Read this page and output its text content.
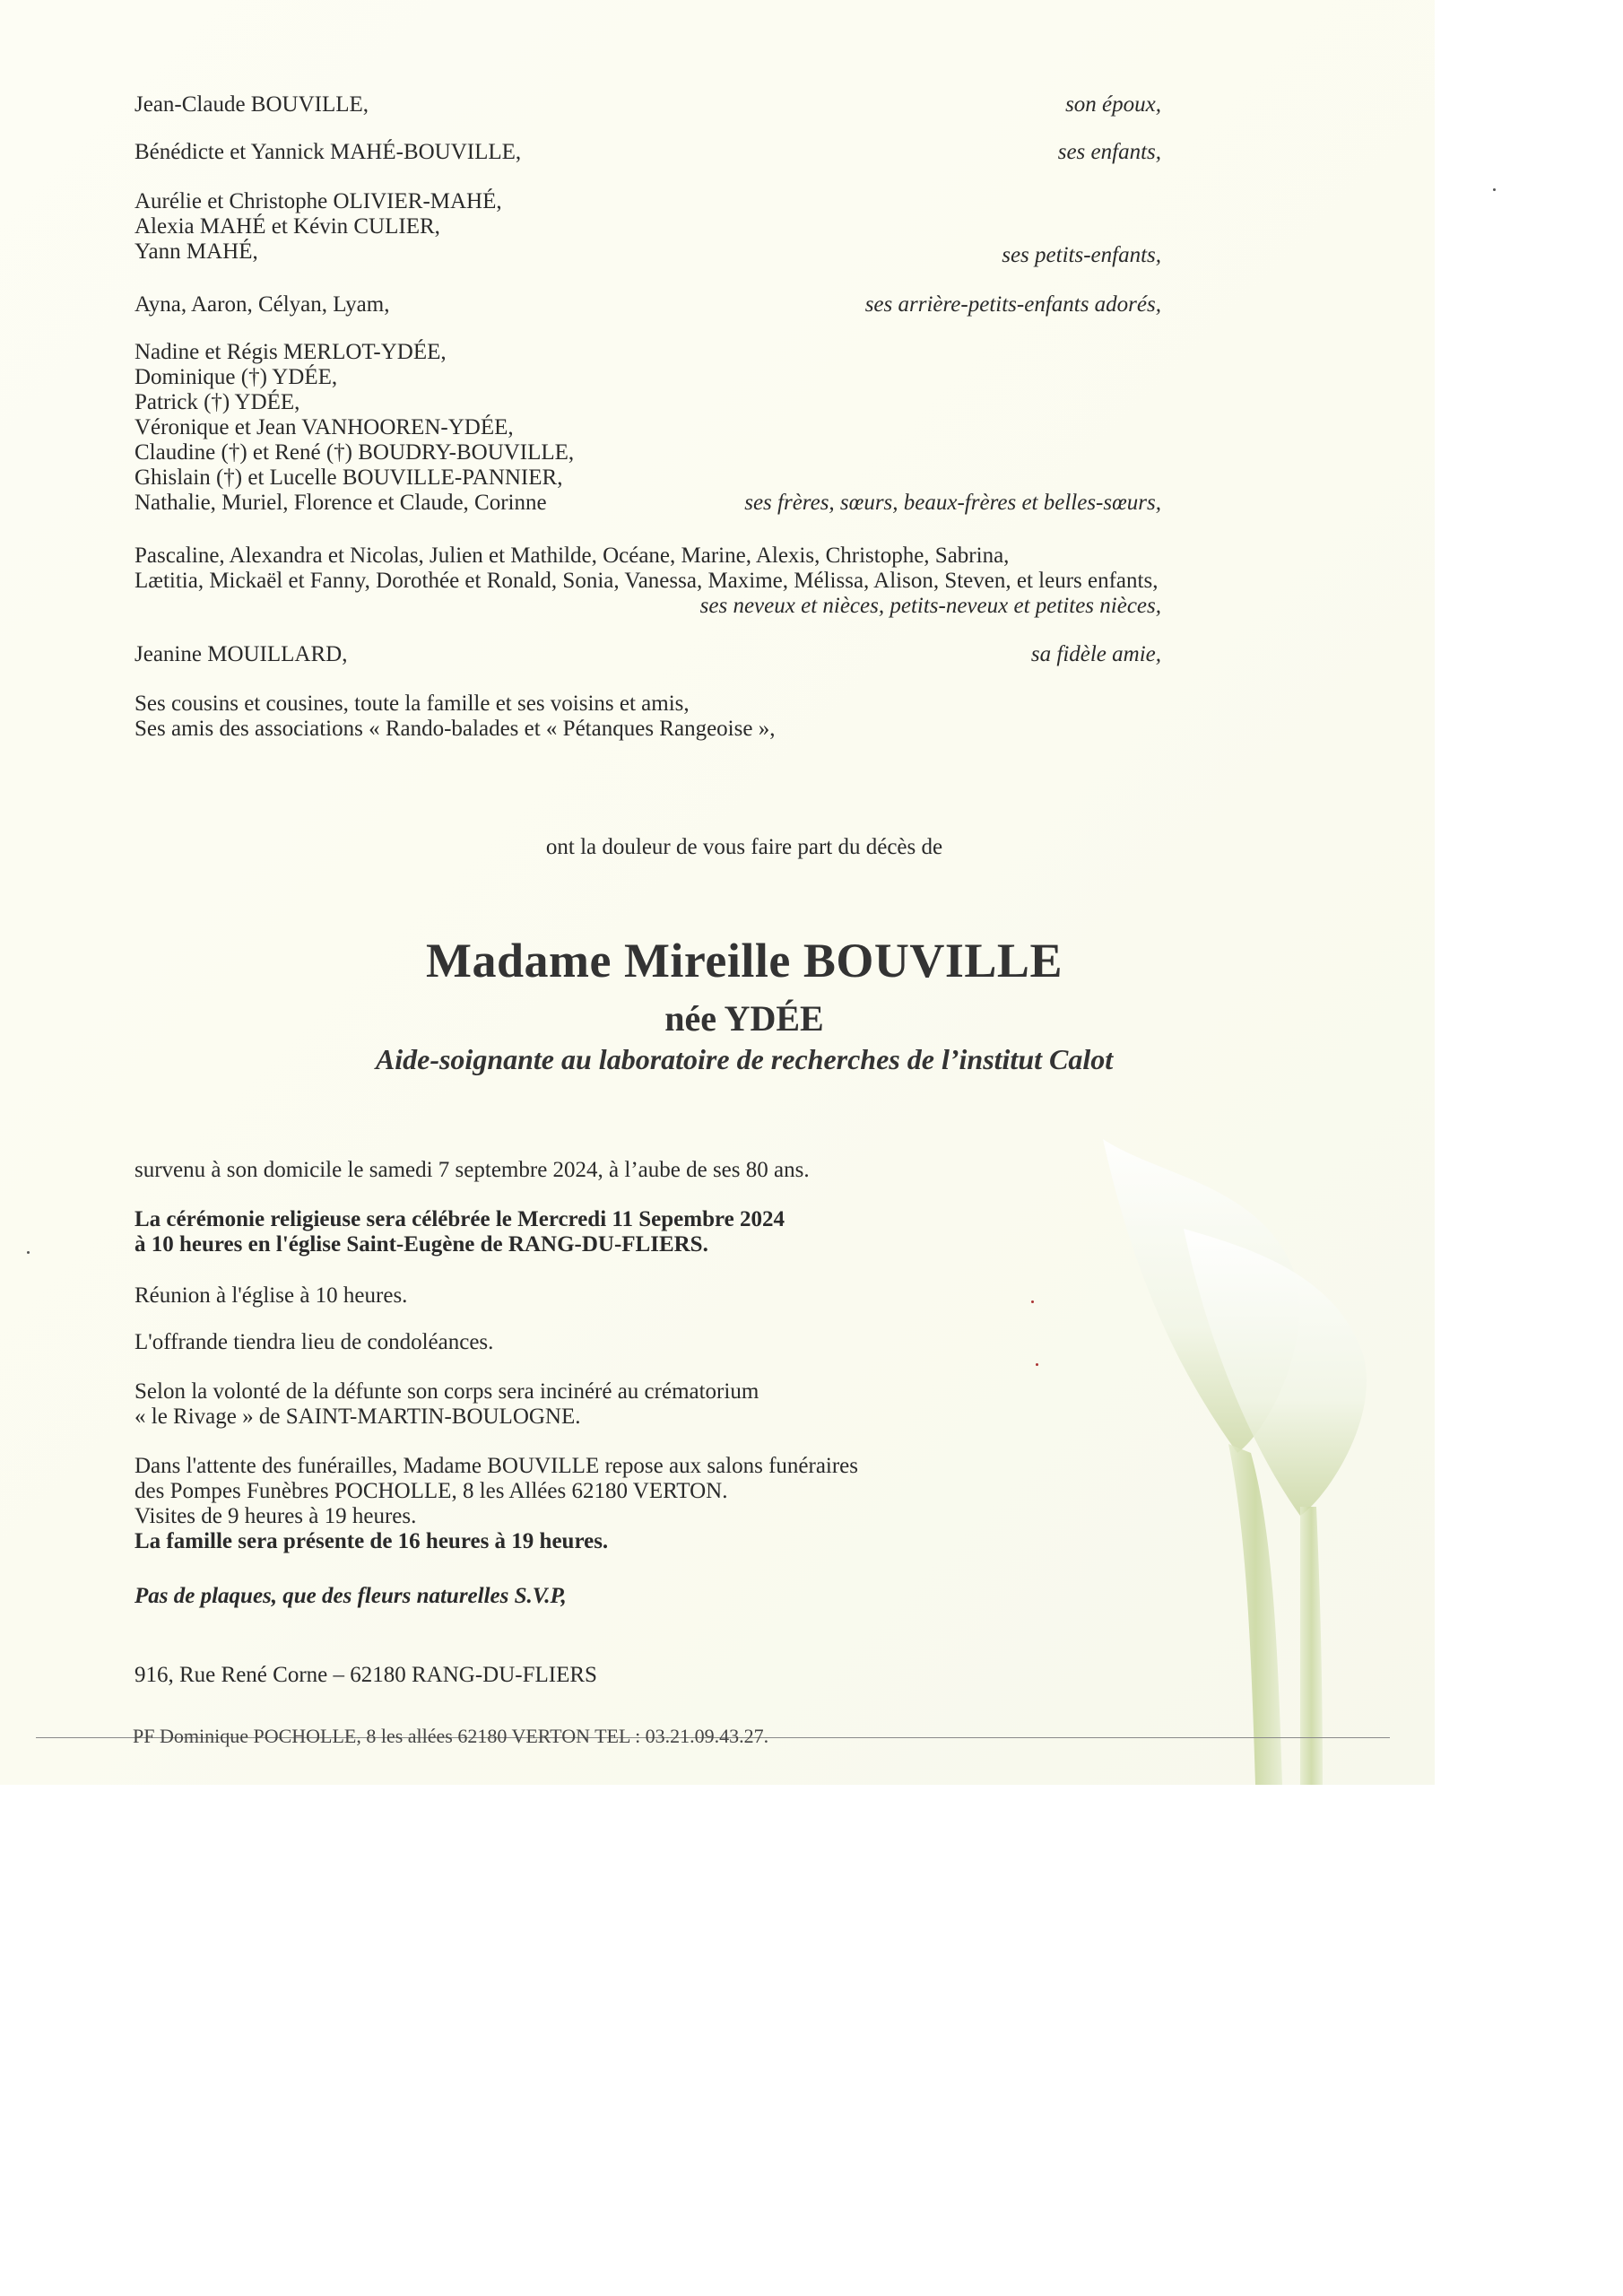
Jean-Claude BOUVILLE,	son époux,
Bénédicte et Yannick MAHÉ-BOUVILLE,	ses enfants,
Aurélie et Christophe OLIVIER-MAHÉ,
Alexia MAHÉ et Kévin CULIER,
Yann MAHÉ,	ses petits-enfants,
Ayna, Aaron, Célyan, Lyam,	ses arrière-petits-enfants adorés,
Nadine et Régis MERLOT-YDÉE,
Dominique (†) YDÉE,
Patrick (†) YDÉE,
Véronique et Jean VANHOOREN-YDÉE,
Claudine (†) et René (†) BOUDRY-BOUVILLE,
Ghislain (†) et Lucelle BOUVILLE-PANNIER,
Nathalie, Muriel, Florence et Claude, Corinne	ses frères, sœurs, beaux-frères et belles-sœurs,
Pascaline, Alexandra et Nicolas, Julien et Mathilde, Océane, Marine, Alexis, Christophe, Sabrina,
Lætitia, Mickaël et Fanny, Dorothée et Ronald, Sonia, Vanessa, Maxime, Mélissa, Alison, Steven, et leurs enfants,
ses neveux et nièces, petits-neveux et petites nièces,
Jeanine MOUILLARD,	sa fidèle amie,
Ses cousins et cousines, toute la famille et ses voisins et amis,
Ses amis des associations « Rando-balades et « Pétanques Rangeoise »,
ont la douleur de vous faire part du décès de
Madame Mireille BOUVILLE
née YDÉE
Aide-soignante au laboratoire de recherches de l’institut Calot
survenu à son domicile le samedi 7 septembre 2024, à l’aube de ses 80 ans.
La cérémonie religieuse sera célébrée le Mercredi 11 Sepembre 2024
à 10 heures en l'église Saint-Eugène de RANG-DU-FLIERS.
Réunion à l'église à 10 heures.
L'offrande tiendra lieu de condoléances.
Selon la volonté de la défunte son corps sera incinéré au crématorium
« le Rivage » de SAINT-MARTIN-BOULOGNE.
Dans l'attente des funérailles, Madame BOUVILLE repose aux salons funéraires
des Pompes Funèbres POCHOLLE, 8 les Allées 62180 VERTON.
Visites de 9 heures à 19 heures.
La famille sera présente de 16 heures à 19 heures.
Pas de plaques, que des fleurs naturelles S.V.P,
916, Rue René Corne – 62180 RANG-DU-FLIERS
PF Dominique POCHOLLE, 8 les allées 62180 VERTON TEL : 03.21.09.43.27.
